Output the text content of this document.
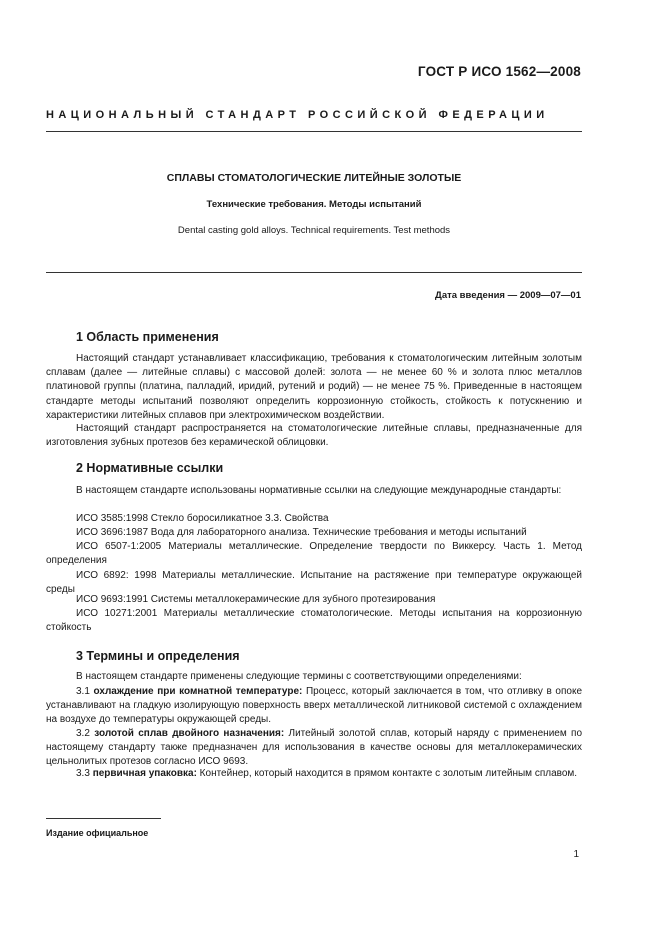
ГОСТ Р ИСО 1562—2008
НАЦИОНАЛЬНЫЙ СТАНДАРТ РОССИЙСКОЙ ФЕДЕРАЦИИ
СПЛАВЫ СТОМАТОЛОГИЧЕСКИЕ ЛИТЕЙНЫЕ ЗОЛОТЫЕ
Технические требования. Методы испытаний
Dental casting gold alloys. Technical requirements. Test methods
Дата введения — 2009—07—01
1 Область применения
Настоящий стандарт устанавливает классификацию, требования к стоматологическим литейным золотым сплавам (далее — литейные сплавы) с массовой долей: золота — не менее 60 % и золота плюс металлов платиновой группы (платина, палладий, иридий, рутений и родий) — не менее 75 %. Приведенные в настоящем стандарте методы испытаний позволяют определить коррозионную стойкость, стойкость к потускнению и характеристики литейных сплавов при электрохимическом воздействии.
Настоящий стандарт распространяется на стоматологические литейные сплавы, предназначенные для изготовления зубных протезов без керамической облицовки.
2 Нормативные ссылки
В настоящем стандарте использованы нормативные ссылки на следующие международные стандарты:
ИСО 3585:1998 Стекло боросиликатное 3.3. Свойства
ИСО 3696:1987 Вода для лабораторного анализа. Технические требования и методы испытаний
ИСО 6507-1:2005 Материалы металлические. Определение твердости по Виккерсу. Часть 1. Метод определения
ИСО 6892: 1998 Материалы металлические. Испытание на растяжение при температуре окружающей среды
ИСО 9693:1991 Системы металлокерамические для зубного протезирования
ИСО 10271:2001 Материалы металлические стоматологические. Методы испытания на коррозионную стойкость
3 Термины и определения
В настоящем стандарте применены следующие термины с соответствующими определениями:
3.1 охлаждение при комнатной температуре: Процесс, который заключается в том, что отливку в опоке устанавливают на гладкую изолирующую поверхность вверх металлической литниковой системой с охлаждением на воздухе до температуры окружающей среды.
3.2 золотой сплав двойного назначения: Литейный золотой сплав, который наряду с применением по настоящему стандарту также предназначен для использования в качестве основы для металлокерамических цельнолитых протезов согласно ИСО 9693.
3.3 первичная упаковка: Контейнер, который находится в прямом контакте с золотым литейным сплавом.
Издание официальное
1
